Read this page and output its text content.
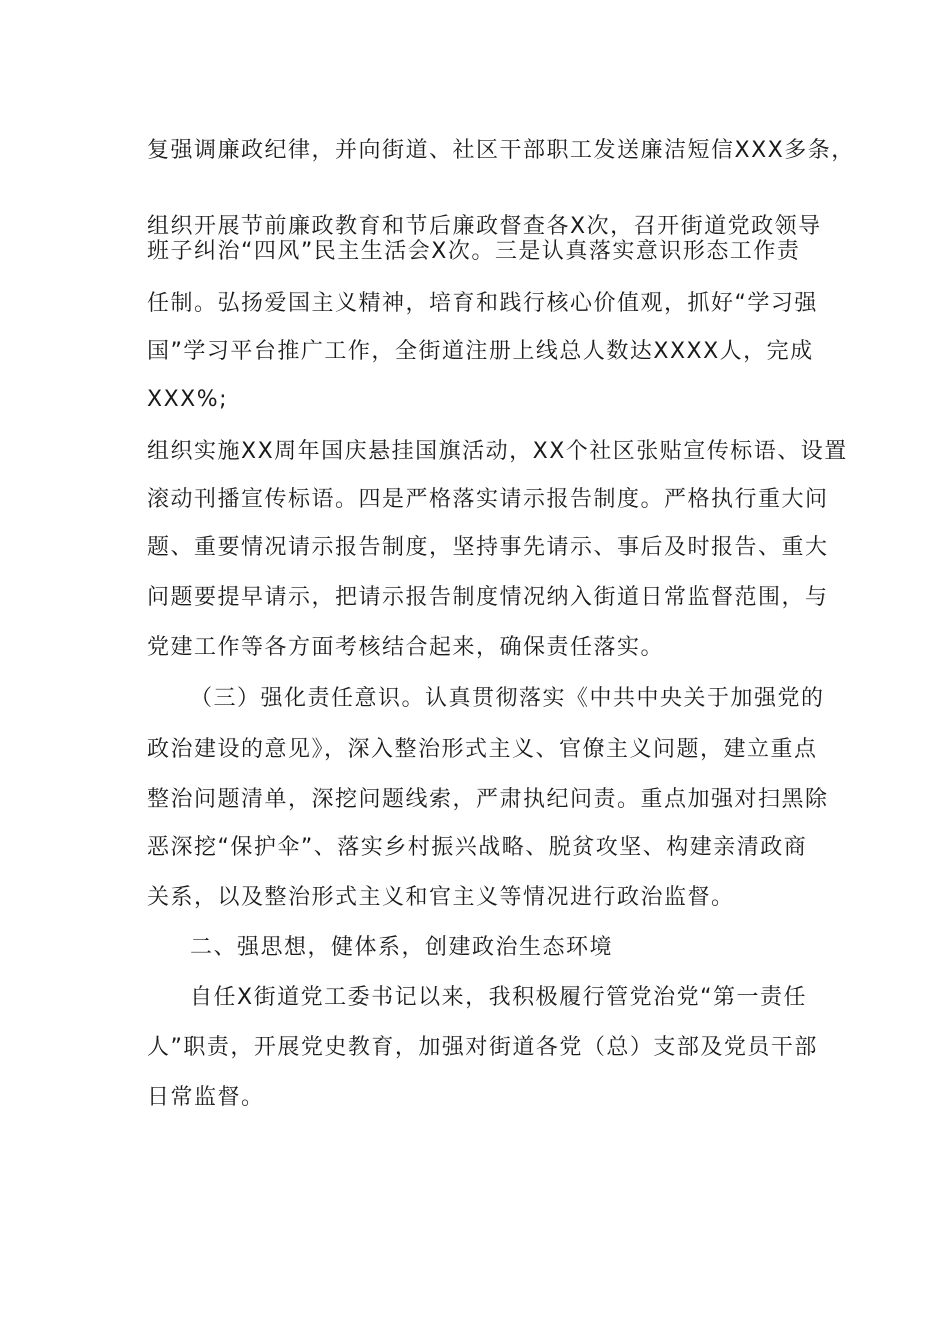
复强调廉政纪律，并向街道、社区干部职工发送廉洁短信XXX多条，
组织开展节前廉政教育和节后廉政督查各X次，召开街道党政领导
班子纠治“四风”民主生活会X次。三是认真落实意识形态工作责
任制。弘扬爱国主义精神，培育和践行核心价值观，抓好“学习强
国”学习平台推广工作，全街道注册上线总人数达XXXX人，完成
XXX%;
组织实施XX周年国庆悬挂国旗活动，XX个社区张贴宣传标语、设置
滚动刊播宣传标语。四是严格落实请示报告制度。严格执行重大问
题、重要情况请示报告制度，坚持事先请示、事后及时报告、重大
问题要提早请示，把请示报告制度情况纳入街道日常监督范围，与
党建工作等各方面考核结合起来，确保责任落实。
（三）强化责任意识。认真贯彻落实《中共中央关于加强党的
政治建设的意见》，深入整治形式主义、官僚主义问题，建立重点
整治问题清单，深挖问题线索，严肃执纪问责。重点加强对扫黑除
恶深挖“保护伞”、落实乡村振兴战略、脱贫攻坚、构建亲清政商
关系，以及整治形式主义和官主义等情况进行政治监督。
二、强思想，健体系，创建政治生态环境
自任X街道党工委书记以来，我积极履行管党治党“第一责任
人”职责，开展党史教育，加强对街道各党（总）支部及党员干部
日常监督。
